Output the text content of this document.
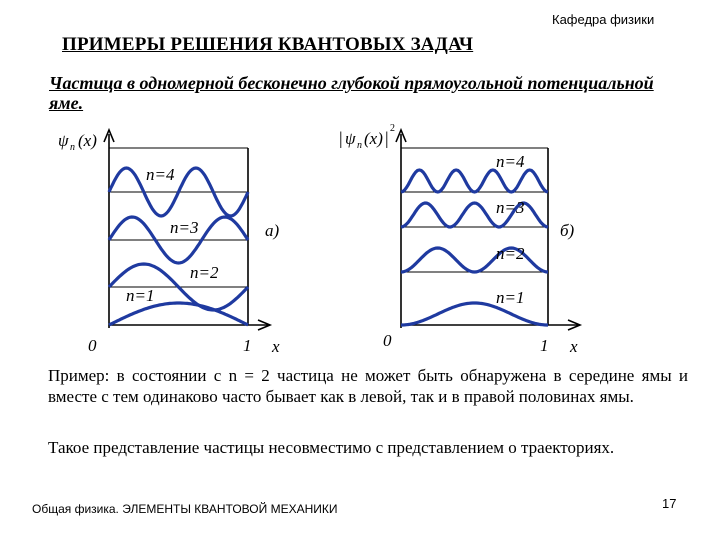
Кафедра физики
ПРИМЕРЫ РЕШЕНИЯ КВАНТОВЫХ ЗАДАЧ
Частица в одномерной бесконечно глубокой прямоугольной потенциальной яме.
ψ n (x)
n=4
n=3
n=2
n=1
0	1 x
а)
| ψ n (x) | 2
n=4
n=3
n=2
n=1
0	1 x
б)
Пример: в состоянии с n = 2 частица не может быть обнаружена в середине ямы и вместе с тем одинаково часто бывает как в левой, так и в правой половинах ямы.
Такое представление частицы несовместимо с представлением о траекториях.
Общая физика. ЭЛЕМЕНТЫ КВАНТОВОЙ МЕХАНИКИ	17
